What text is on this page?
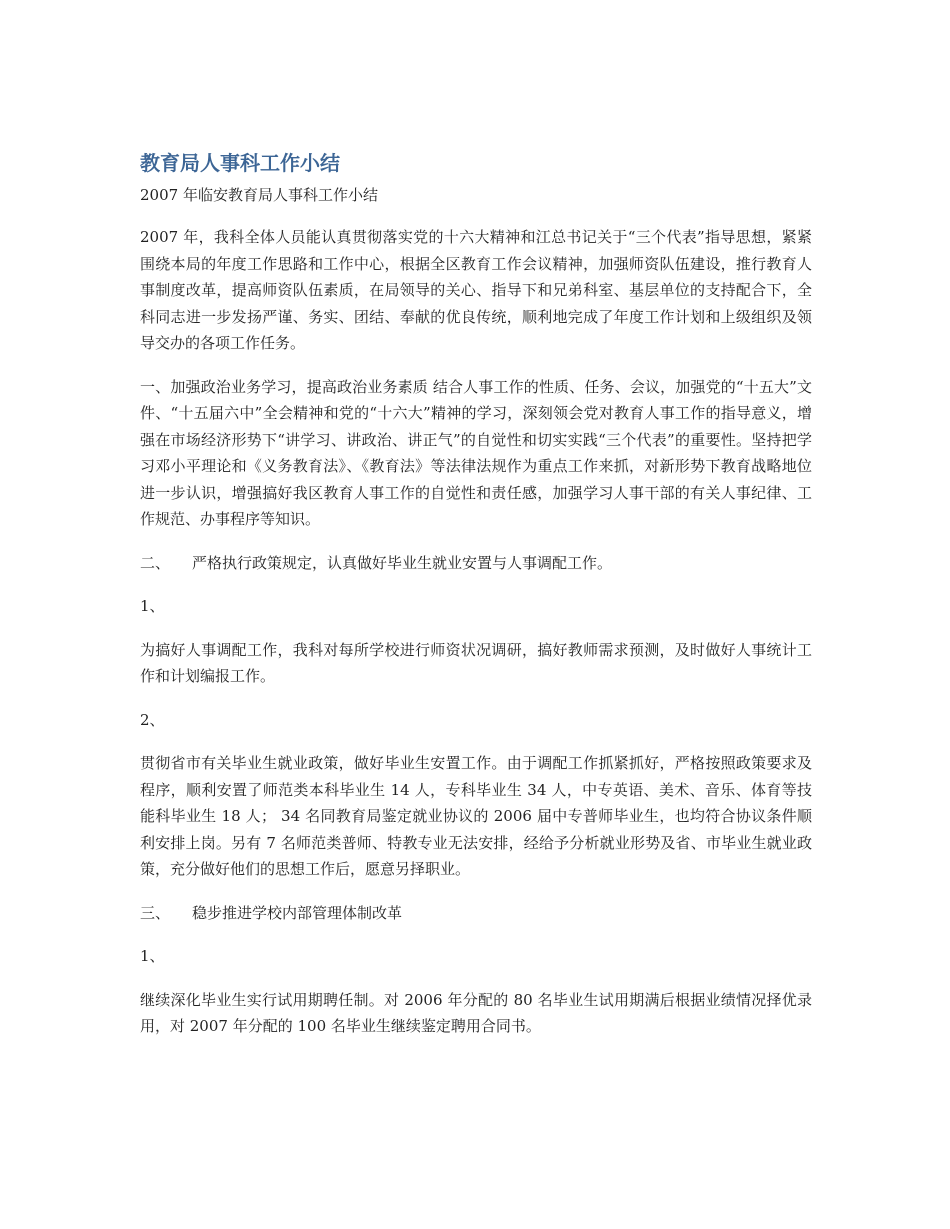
教育局人事科工作小结
2007 年临安教育局人事科工作小结

2007 年，我科全体人员能认真贯彻落实党的十六大精神和江总书记关于“三个代表”指导思想，紧紧围绕本局的年度工作思路和工作中心，根据全区教育工作会议精神，加强师资队伍建设，推行教育人事制度改革，提高师资队伍素质，在局领导的关心、指导下和兄弟科室、基层单位的支持配合下，全科同志进一步发扬严谨、务实、团结、奉献的优良传统，顺利地完成了年度工作计划和上级组织及领导交办的各项工作任务。

一、加强政治业务学习，提高政治业务素质 结合人事工作的性质、任务、会议，加强党的“十五大”文件、“十五届六中”全会精神和党的“十六大”精神的学习，深刻领会党对教育人事工作的指导意义，增强在市场经济形势下“讲学习、讲政治、讲正气”的自觉性和切实实践“三个代表”的重要性。坚持把学习邓小平理论和《义务教育法》、《教育法》等法律法规作为重点工作来抓，对新形势下教育战略地位进一步认识，增强搞好我区教育人事工作的自觉性和责任感，加强学习人事干部的有关人事纪律、工作规范、办事程序等知识。

二、 严格执行政策规定，认真做好毕业生就业安置与人事调配工作。

1、

为搞好人事调配工作，我科对每所学校进行师资状况调研，搞好教师需求预测，及时做好人事统计工作和计划编报工作。

2、

贯彻省市有关毕业生就业政策，做好毕业生安置工作。由于调配工作抓紧抓好，严格按照政策要求及程序，顺利安置了师范类本科毕业生 14 人，专科毕业生 34 人，中专英语、美术、音乐、体育等技能科毕业生 18 人； 34 名同教育局鉴定就业协议的 2006 届中专普师毕业生，也均符合协议条件顺利安排上岗。另有 7 名师范类普师、特教专业无法安排，经给予分析就业形势及省、市毕业生就业政策，充分做好他们的思想工作后，愿意另择职业。

三、 稳步推进学校内部管理体制改革

1、

继续深化毕业生实行试用期聘任制。对 2006 年分配的 80 名毕业生试用期满后根据业绩情况择优录用，对 2007 年分配的 100 名毕业生继续鉴定聘用合同书。
